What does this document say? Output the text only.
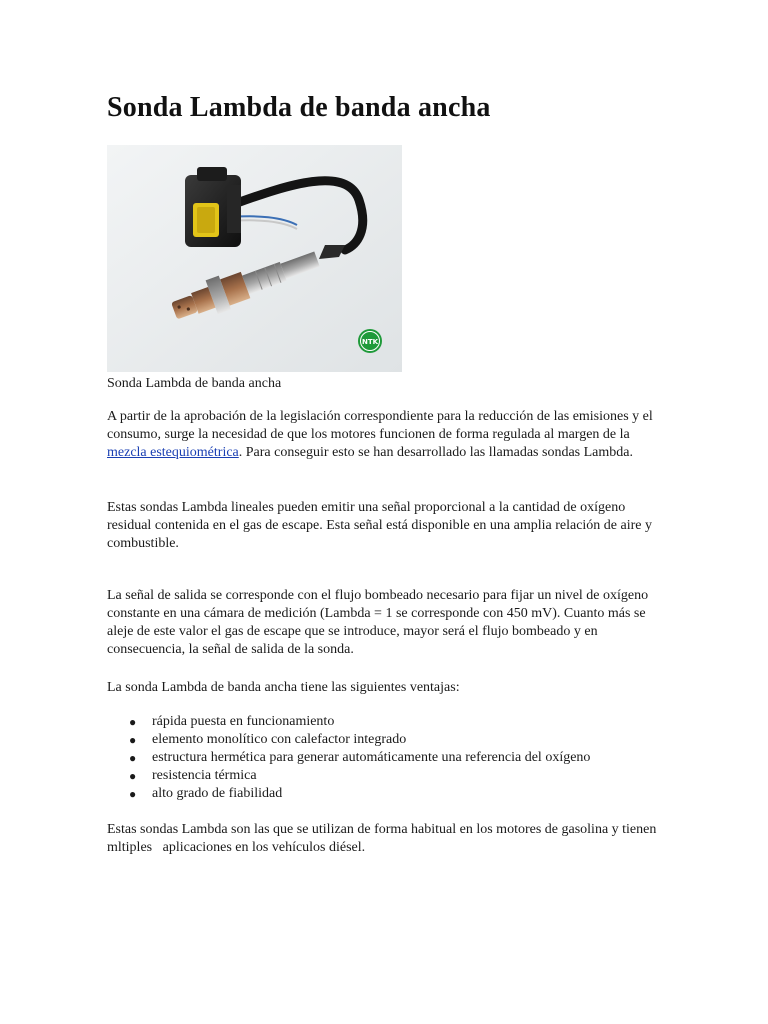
Sonda Lambda de banda ancha
NTK

Sonda Lambda de banda ancha

A partir de la aprobación de la legislación correspondiente para la reducción de las emisiones y el consumo, surge la necesidad de que los motores funcionen de forma regulada al margen de la mezcla estequiométrica. Para conseguir esto se han desarrollado las llamadas sondas Lambda.

Estas sondas Lambda lineales pueden emitir una señal proporcional a la cantidad de oxígeno residual contenida en el gas de escape. Esta señal está disponible en una amplia relación de aire y combustible.

La señal de salida se corresponde con el flujo bombeado necesario para fijar un nivel de oxígeno constante en una cámara de medición (Lambda = 1 se corresponde con 450 mV). Cuanto más se aleje de este valor el gas de escape que se introduce, mayor será el flujo bombeado y en consecuencia, la señal de salida de la sonda.

La sonda Lambda de banda ancha tiene las siguientes ventajas:

● rápida puesta en funcionamiento
● elemento monolítico con calefactor integrado
● estructura hermética para generar automáticamente una referencia del oxígeno
● resistencia térmica
● alto grado de fiabilidad

Estas sondas Lambda son las que se utilizan de forma habitual en los motores de gasolina y tienen mltiples   aplicaciones en los vehículos diésel.
